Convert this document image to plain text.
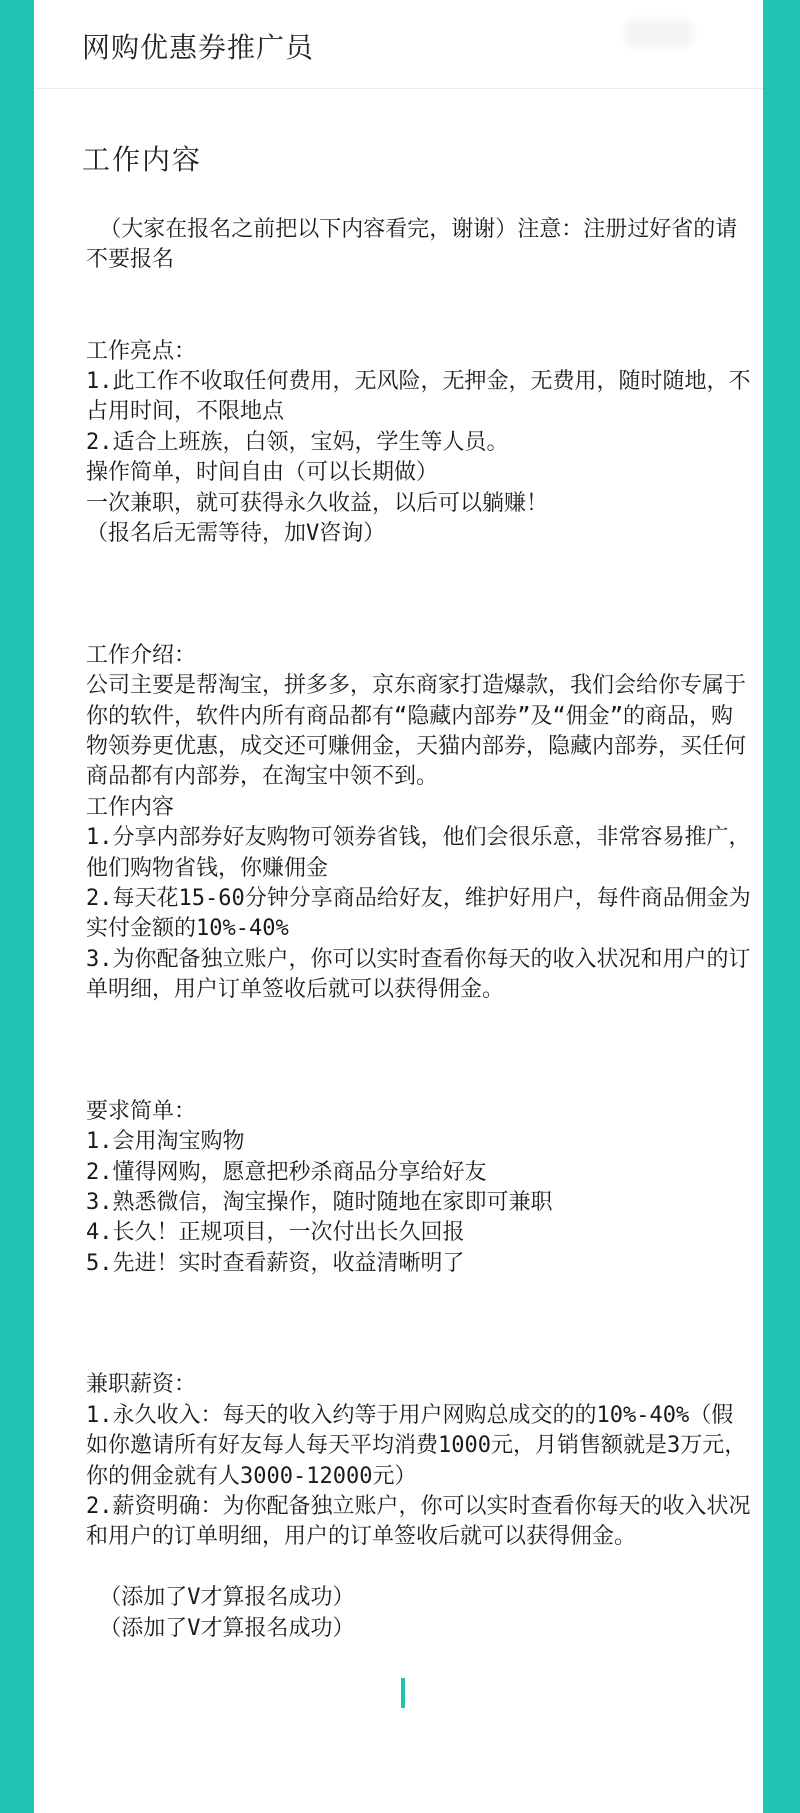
网购优惠券推广员
工作内容
（大家在报名之前把以下内容看完，谢谢）注意：注册过好省的请不要报名

工作亮点：
1.此工作不收取任何费用，无风险，无押金，无费用，随时随地，不占用时间，不限地点
2.适合上班族，白领，宝妈，学生等人员。
操作简单，时间自由（可以长期做）
一次兼职，就可获得永久收益，以后可以躺赚！
（报名后无需等待，加V咨询）

工作介绍：
公司主要是帮淘宝，拼多多，京东商家打造爆款，我们会给你专属于你的软件，软件内所有商品都有“隐藏内部券”及“佣金”的商品，购物领券更优惠，成交还可赚佣金，天猫内部券，隐藏内部券，买任何商品都有内部券，在淘宝中领不到。
工作内容
1.分享内部券好友购物可领券省钱，他们会很乐意，非常容易推广，他们购物省钱，你赚佣金
2.每天花15-60分钟分享商品给好友，维护好用户，每件商品佣金为实付金额的10%-40%
3.为你配备独立账户，你可以实时查看你每天的收入状况和用户的订单明细，用户订单签收后就可以获得佣金。

要求简单：
1.会用淘宝购物
2.懂得网购，愿意把秒杀商品分享给好友
3.熟悉微信，淘宝操作，随时随地在家即可兼职
4.长久！正规项目，一次付出长久回报
5.先进！实时查看薪资，收益清晰明了

兼职薪资：
1.永久收入：每天的收入约等于用户网购总成交的的10%-40%（假如你邀请所有好友每人每天平均消费1000元，月销售额就是3万元，你的佣金就有人3000-12000元）
2.薪资明确：为你配备独立账户，你可以实时查看你每天的收入状况和用户的订单明细，用户的订单签收后就可以获得佣金。

（添加了V才算报名成功）
（添加了V才算报名成功）
